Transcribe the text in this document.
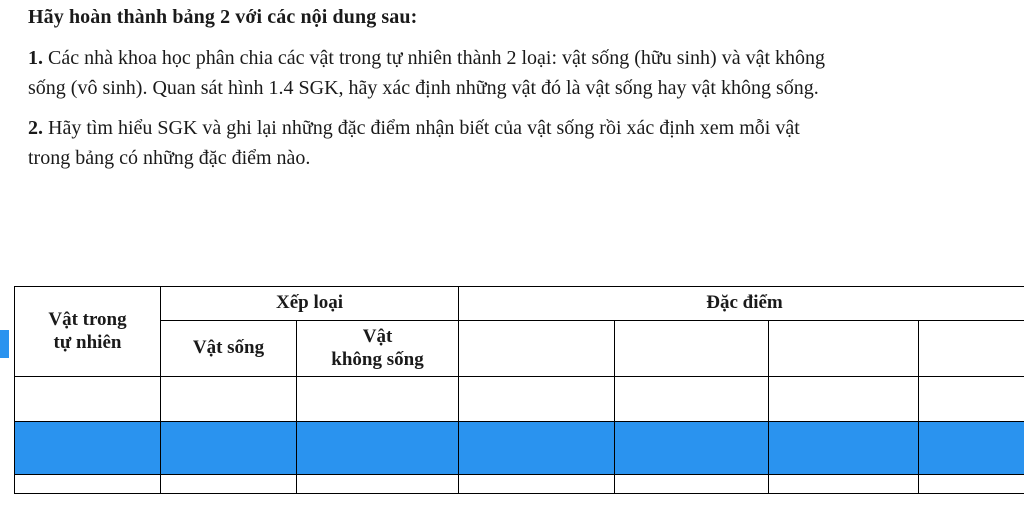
Hãy hoàn thành bảng 2 với các nội dung sau:

1. Các nhà khoa học phân chia các vật trong tự nhiên thành 2 loại: vật sống (hữu sinh) và vật không sống (vô sinh). Quan sát hình 1.4 SGK, hãy xác định những vật đó là vật sống hay vật không sống.

2. Hãy tìm hiểu SGK và ghi lại những đặc điểm nhận biết của vật sống rồi xác định xem mỗi vật trong bảng có những đặc điểm nào.

Vật trong
tự nhiên	Xếp loại		Đặc điểm			

	Vật sống	Vật
không sống				
